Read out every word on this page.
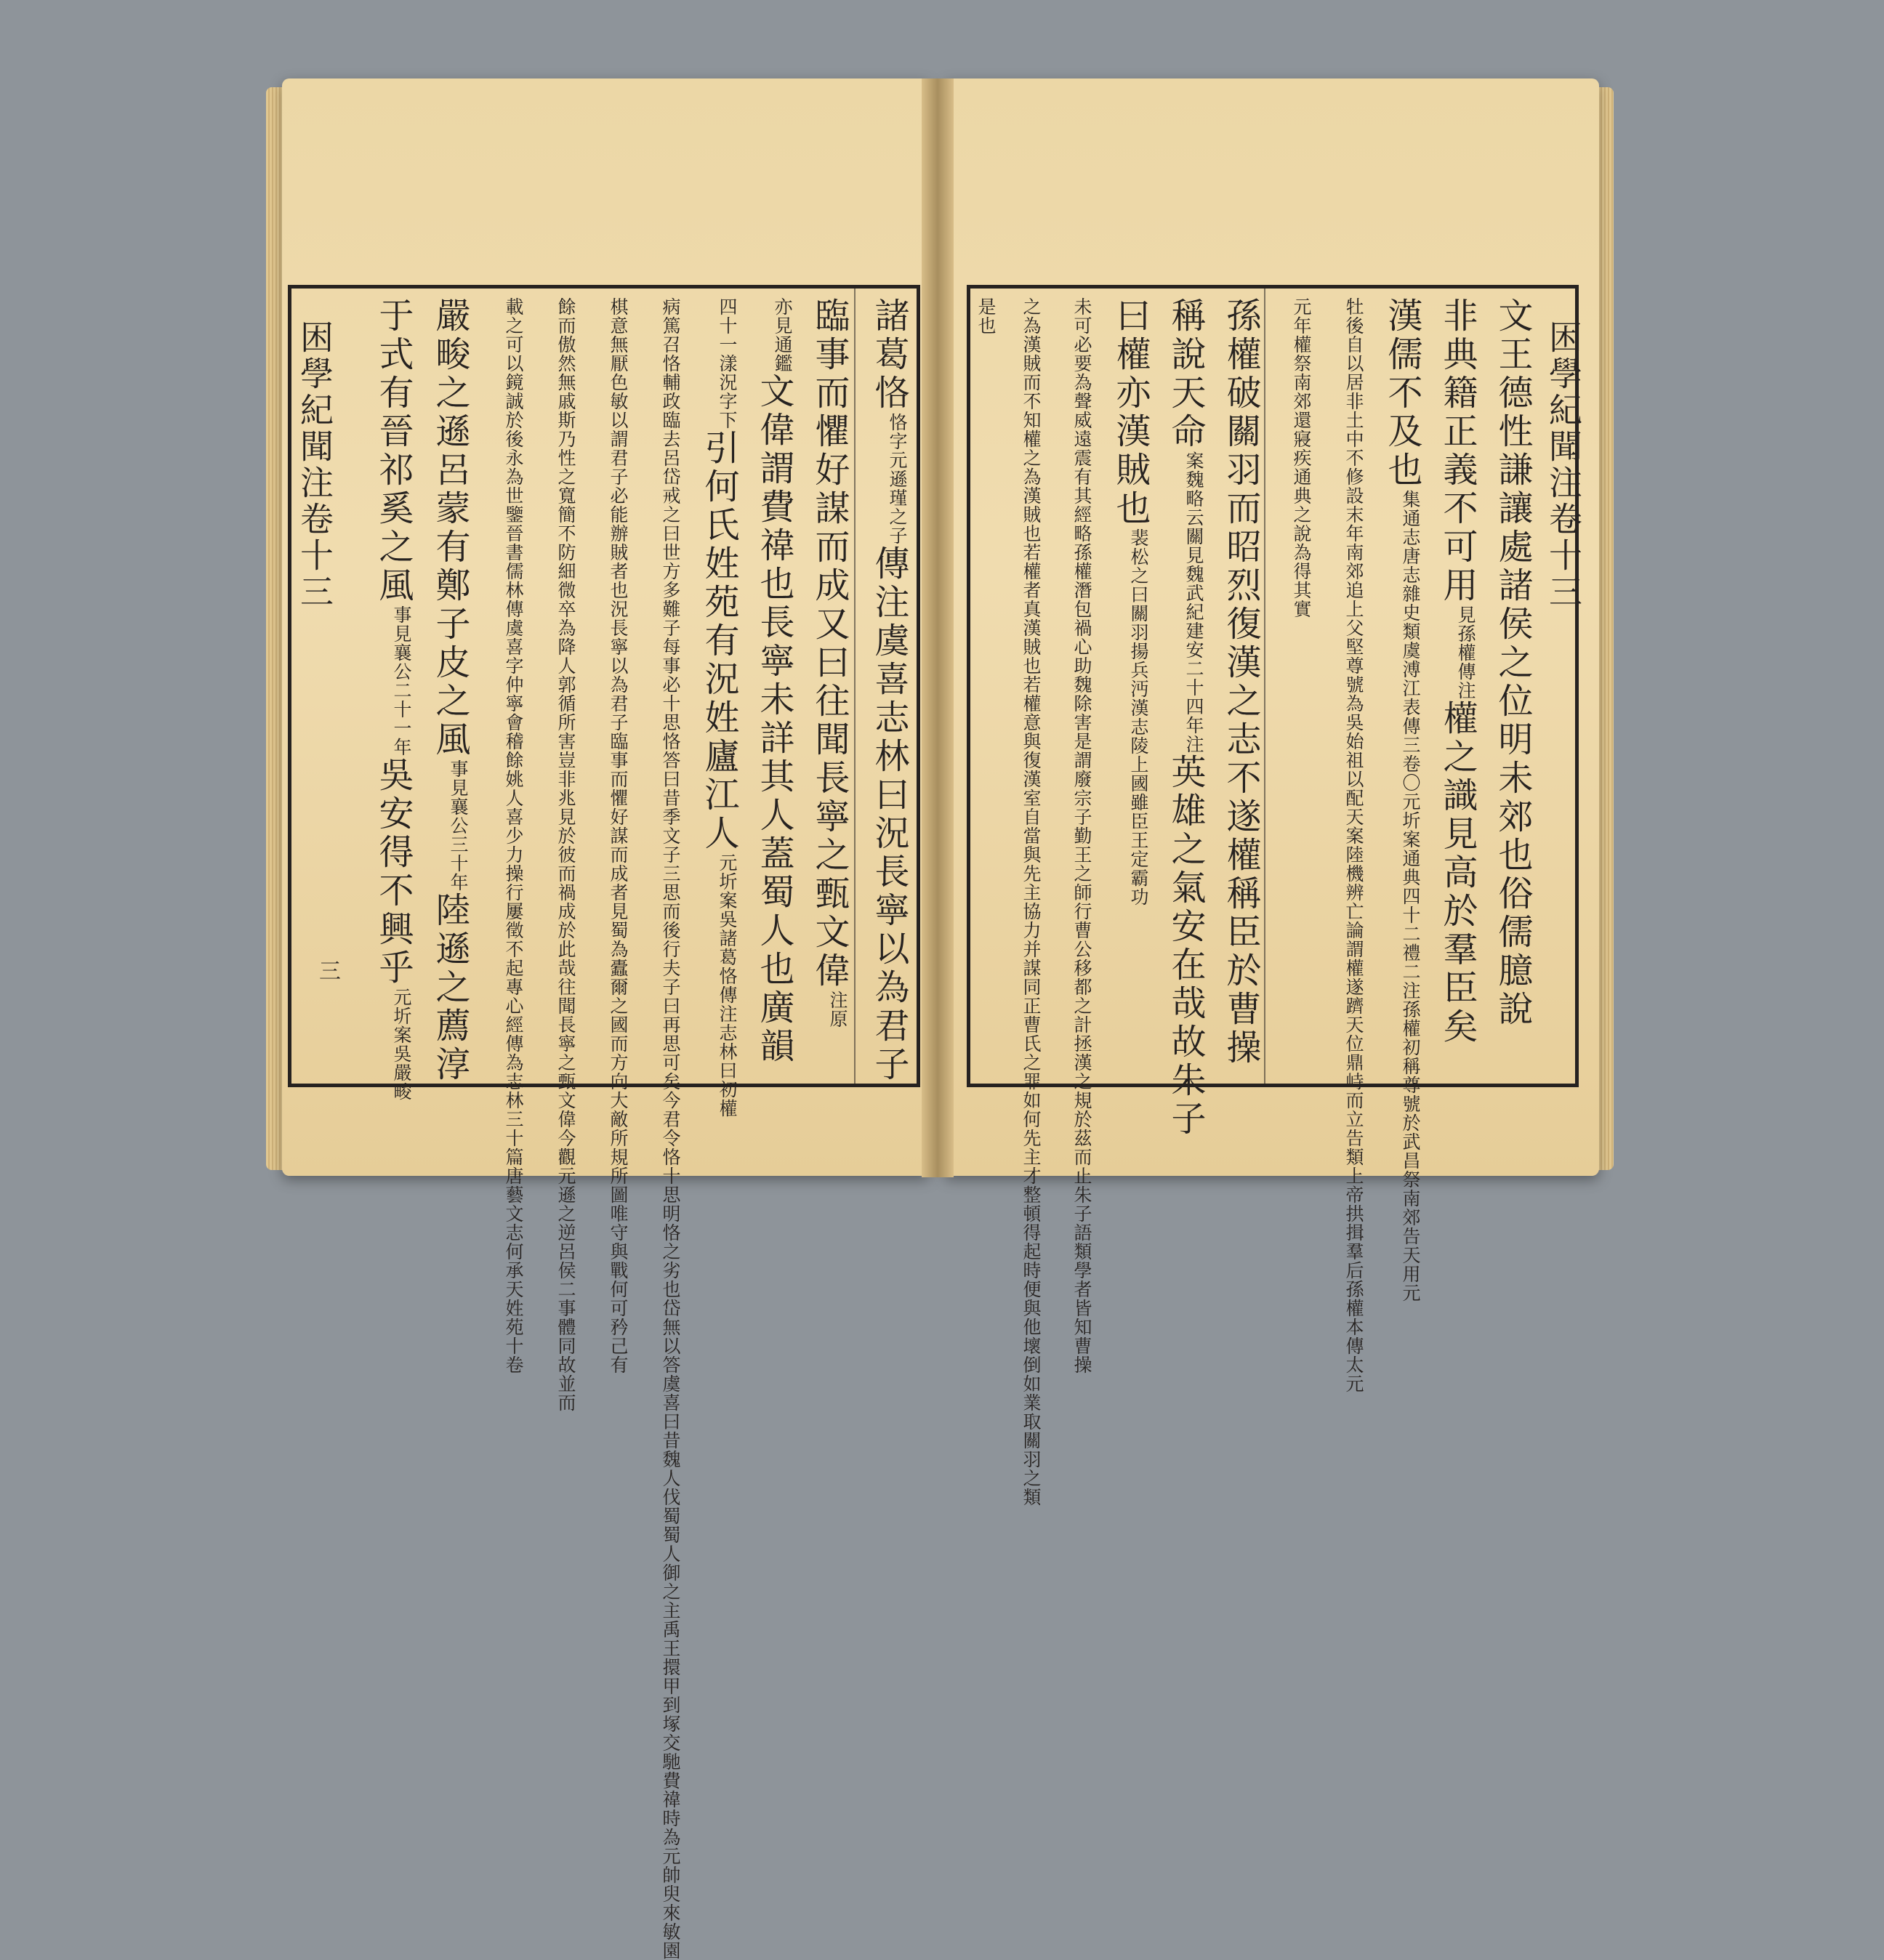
困學紀聞注卷十三
三
諸葛恪
恪字元遜瑾之子
傳注虞喜志林曰況長寧以為君子
臨事而懼好謀而成又曰往聞長寧之甄文偉
注原
亦見通鑑
文偉謂費禕也長寧未詳其人蓋蜀人也廣韻
四十一漾況字下
引何氏姓苑有況姓廬江人
元圻案吳諸葛恪傳注志林曰初權
病篤召恪輔政臨去呂岱戒之曰世方多難子每事必十思恪答曰昔季文子三思而後行夫子曰再思可矣今君令恪十思明恪之劣也岱無以答虞喜曰昔魏人伐蜀蜀人御之主禹王擐甲到塚交馳費禕時為元帥臾來敏園
棋意無厭色敏以謂君子必能辦賊者也況長寧以為君子臨事而懼好謀而成者見蜀為蠹爾之國而方向大敵所規所圖唯守與戰何可矜己有
餘而傲然無戚斯乃性之寬簡不防細微卒為降人郭循所害豈非兆見於彼而禍成於此哉往聞長寧之甄文偉今觀元遜之逆呂侯二事體同故並而
載之可以鏡誠於後永為世鑒
晉書儒林傳虞喜字仲寧會稽餘姚人喜少力操行屢徵不起專心經傳為志林三十篇
唐藝文志何承天姓苑十卷
嚴畯之遜呂蒙有鄭子皮之風
事見襄公三十年
陸遜之薦淳
于式有晉祁奚之風
事見襄公二十一年
吳安得不興乎
元圻案吳嚴畯
困學紀聞注卷十三
文王德性謙讓處諸侯之位明未郊也俗儒臆說
非典籍正義不可用
見孫權傳注
權之識見高於羣臣矣
漢儒不及也
集通志唐志雜史類虞溥江表傳三卷〇元圻案通典四十二禮二注孫權初稱尊號於武昌祭南郊告天用元
牡後自以居非土中不修設末年南郊追上父堅尊號為吳始祖以配天案陸機辨亡論謂權遂躋天位鼎峙而立告類上帝拱揖羣后孫權本傳太元
元年權祭南郊還寢疾通典之說為得其實
孫權破關羽而昭烈復漢之志不遂權稱臣於曹操
稱說天命
案魏略云關見魏武紀建安二十四年注
英雄之氣安在哉故朱子
曰權亦漢賊也
裴松之曰關羽揚兵沔漢志陵上國雖臣王定霸功
未可必要為聲威遠震有其經略孫權潛包禍心助魏除害是謂廢宗子勤王之師行曹公移都之計拯漢之規於茲而止朱子語類學者皆知曹操
之為漢賊而不知權之為漢賊也若權者真漢賊也若權意與復漢室自當與先主協力并謀同正曹氏之罪如何先主才整頓得起時便與他壞倒如業取關羽之類
是也
